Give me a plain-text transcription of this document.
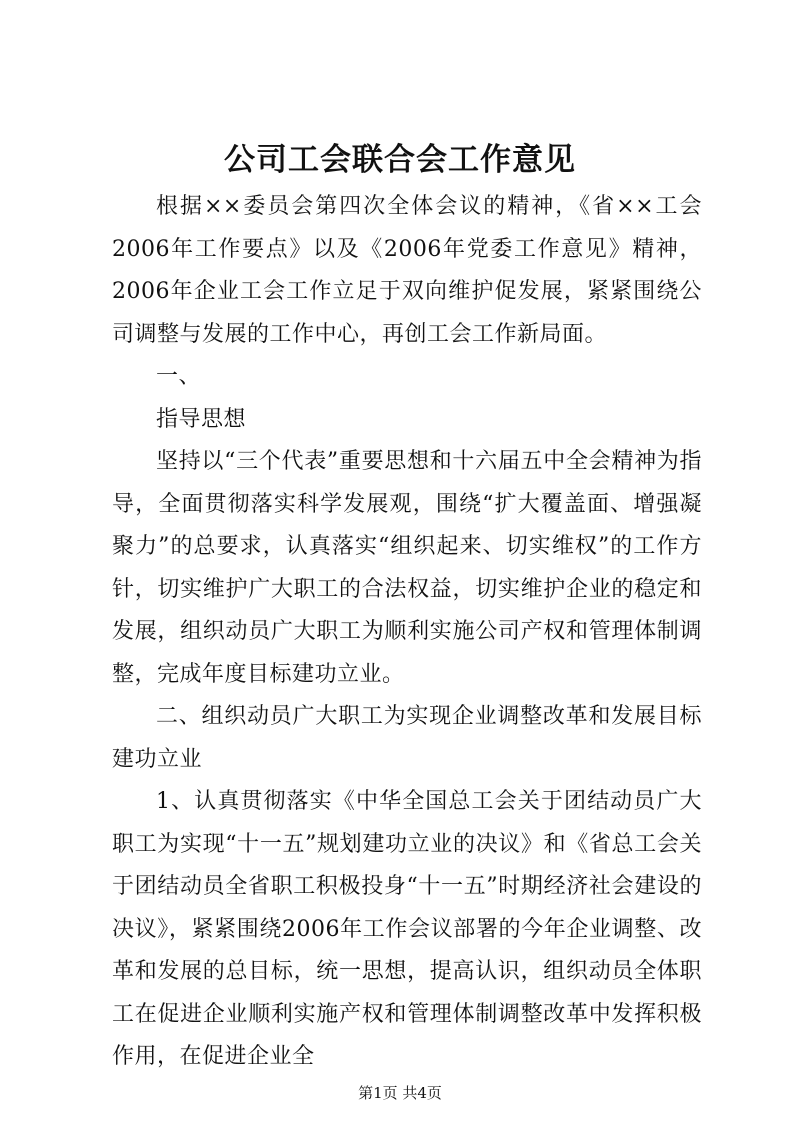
公司工会联合会工作意见

根据××委员会第四次全体会议的精神，《省××工会2006年工作要点》以及《2006年党委工作意见》精神，2006年企业工会工作立足于双向维护促发展，紧紧围绕公司调整与发展的工作中心，再创工会工作新局面。

一、

指导思想

坚持以“三个代表”重要思想和十六届五中全会精神为指导，全面贯彻落实科学发展观，围绕“扩大覆盖面、增强凝聚力”的总要求，认真落实“组织起来、切实维权”的工作方针，切实维护广大职工的合法权益，切实维护企业的稳定和发展，组织动员广大职工为顺利实施公司产权和管理体制调整，完成年度目标建功立业。

二、组织动员广大职工为实现企业调整改革和发展目标建功立业

1、认真贯彻落实《中华全国总工会关于团结动员广大职工为实现“十一五”规划建功立业的决议》和《省总工会关于团结动员全省职工积极投身“十一五”时期经济社会建设的决议》，紧紧围绕2006年工作会议部署的今年企业调整、改革和发展的总目标，统一思想，提高认识，组织动员全体职工在促进企业顺利实施产权和管理体制调整改革中发挥积极作用，在促进企业全

第1页 共4页
